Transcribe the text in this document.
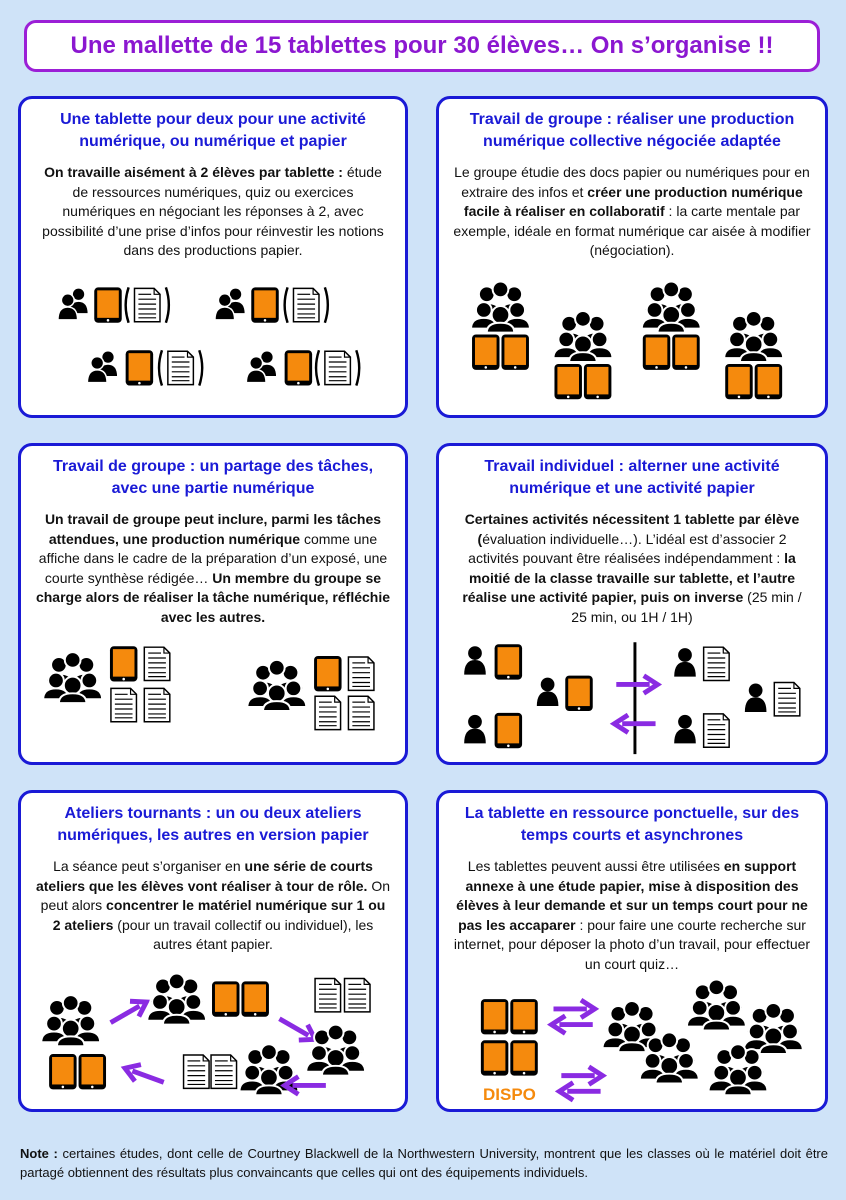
Une mallette de 15 tablettes pour 30 élèves… On s’organise !!
Une tablette pour deux pour une activité numérique, ou numérique et papier

On travaille aisément à 2 élèves par tablette : étude de ressources numériques, quiz ou exercices numériques en négociant les réponses à 2, avec possibilité d’une prise d’infos pour réinvestir les notions dans des productions papier.

Travail de groupe : réaliser une production numérique collective négociée adaptée

Le groupe étudie des docs papier ou numériques pour en extraire des infos et créer une production numérique facile à réaliser en collaboratif : la carte mentale par exemple, idéale en format numérique car aisée à modifier (négociation).

Travail de groupe : un partage des tâches, avec une partie numérique

Un travail de groupe peut inclure, parmi les tâches attendues, une production numérique comme une affiche dans le cadre de la préparation d’un exposé, une courte synthèse rédigée… Un membre du groupe se charge alors de réaliser la tâche numérique, réfléchie avec les autres.

Travail individuel : alterner une activité numérique et une activité papier

Certaines activités nécessitent 1 tablette par élève (évaluation individuelle…). L’idéal est d’associer 2 activités pouvant être réalisées indépendamment : la moitié de la classe travaille sur tablette, et l’autre réalise une activité papier, puis on inverse (25 min / 25 min, ou 1H / 1H)

Ateliers tournants : un ou deux ateliers numériques, les autres en version papier

La séance peut s’organiser en une série de courts ateliers que les élèves vont réaliser à tour de rôle. On peut alors concentrer le matériel numérique sur 1 ou 2 ateliers (pour un travail collectif ou individuel), les autres étant papier.

La tablette en ressource ponctuelle, sur des temps courts et asynchrones

Les tablettes peuvent aussi être utilisées en support annexe à une étude papier, mise à disposition des élèves à leur demande et sur un temps court pour ne pas les accaparer : pour faire une courte recherche sur internet, pour déposer la photo d’un travail, pour effectuer un court quiz…

DISPO
Note : certaines études, dont celle de Courtney Blackwell de la Northwestern University, montrent que les classes où le matériel doit être partagé obtiennent des résultats plus convaincants que celles qui ont des équipements individuels.
